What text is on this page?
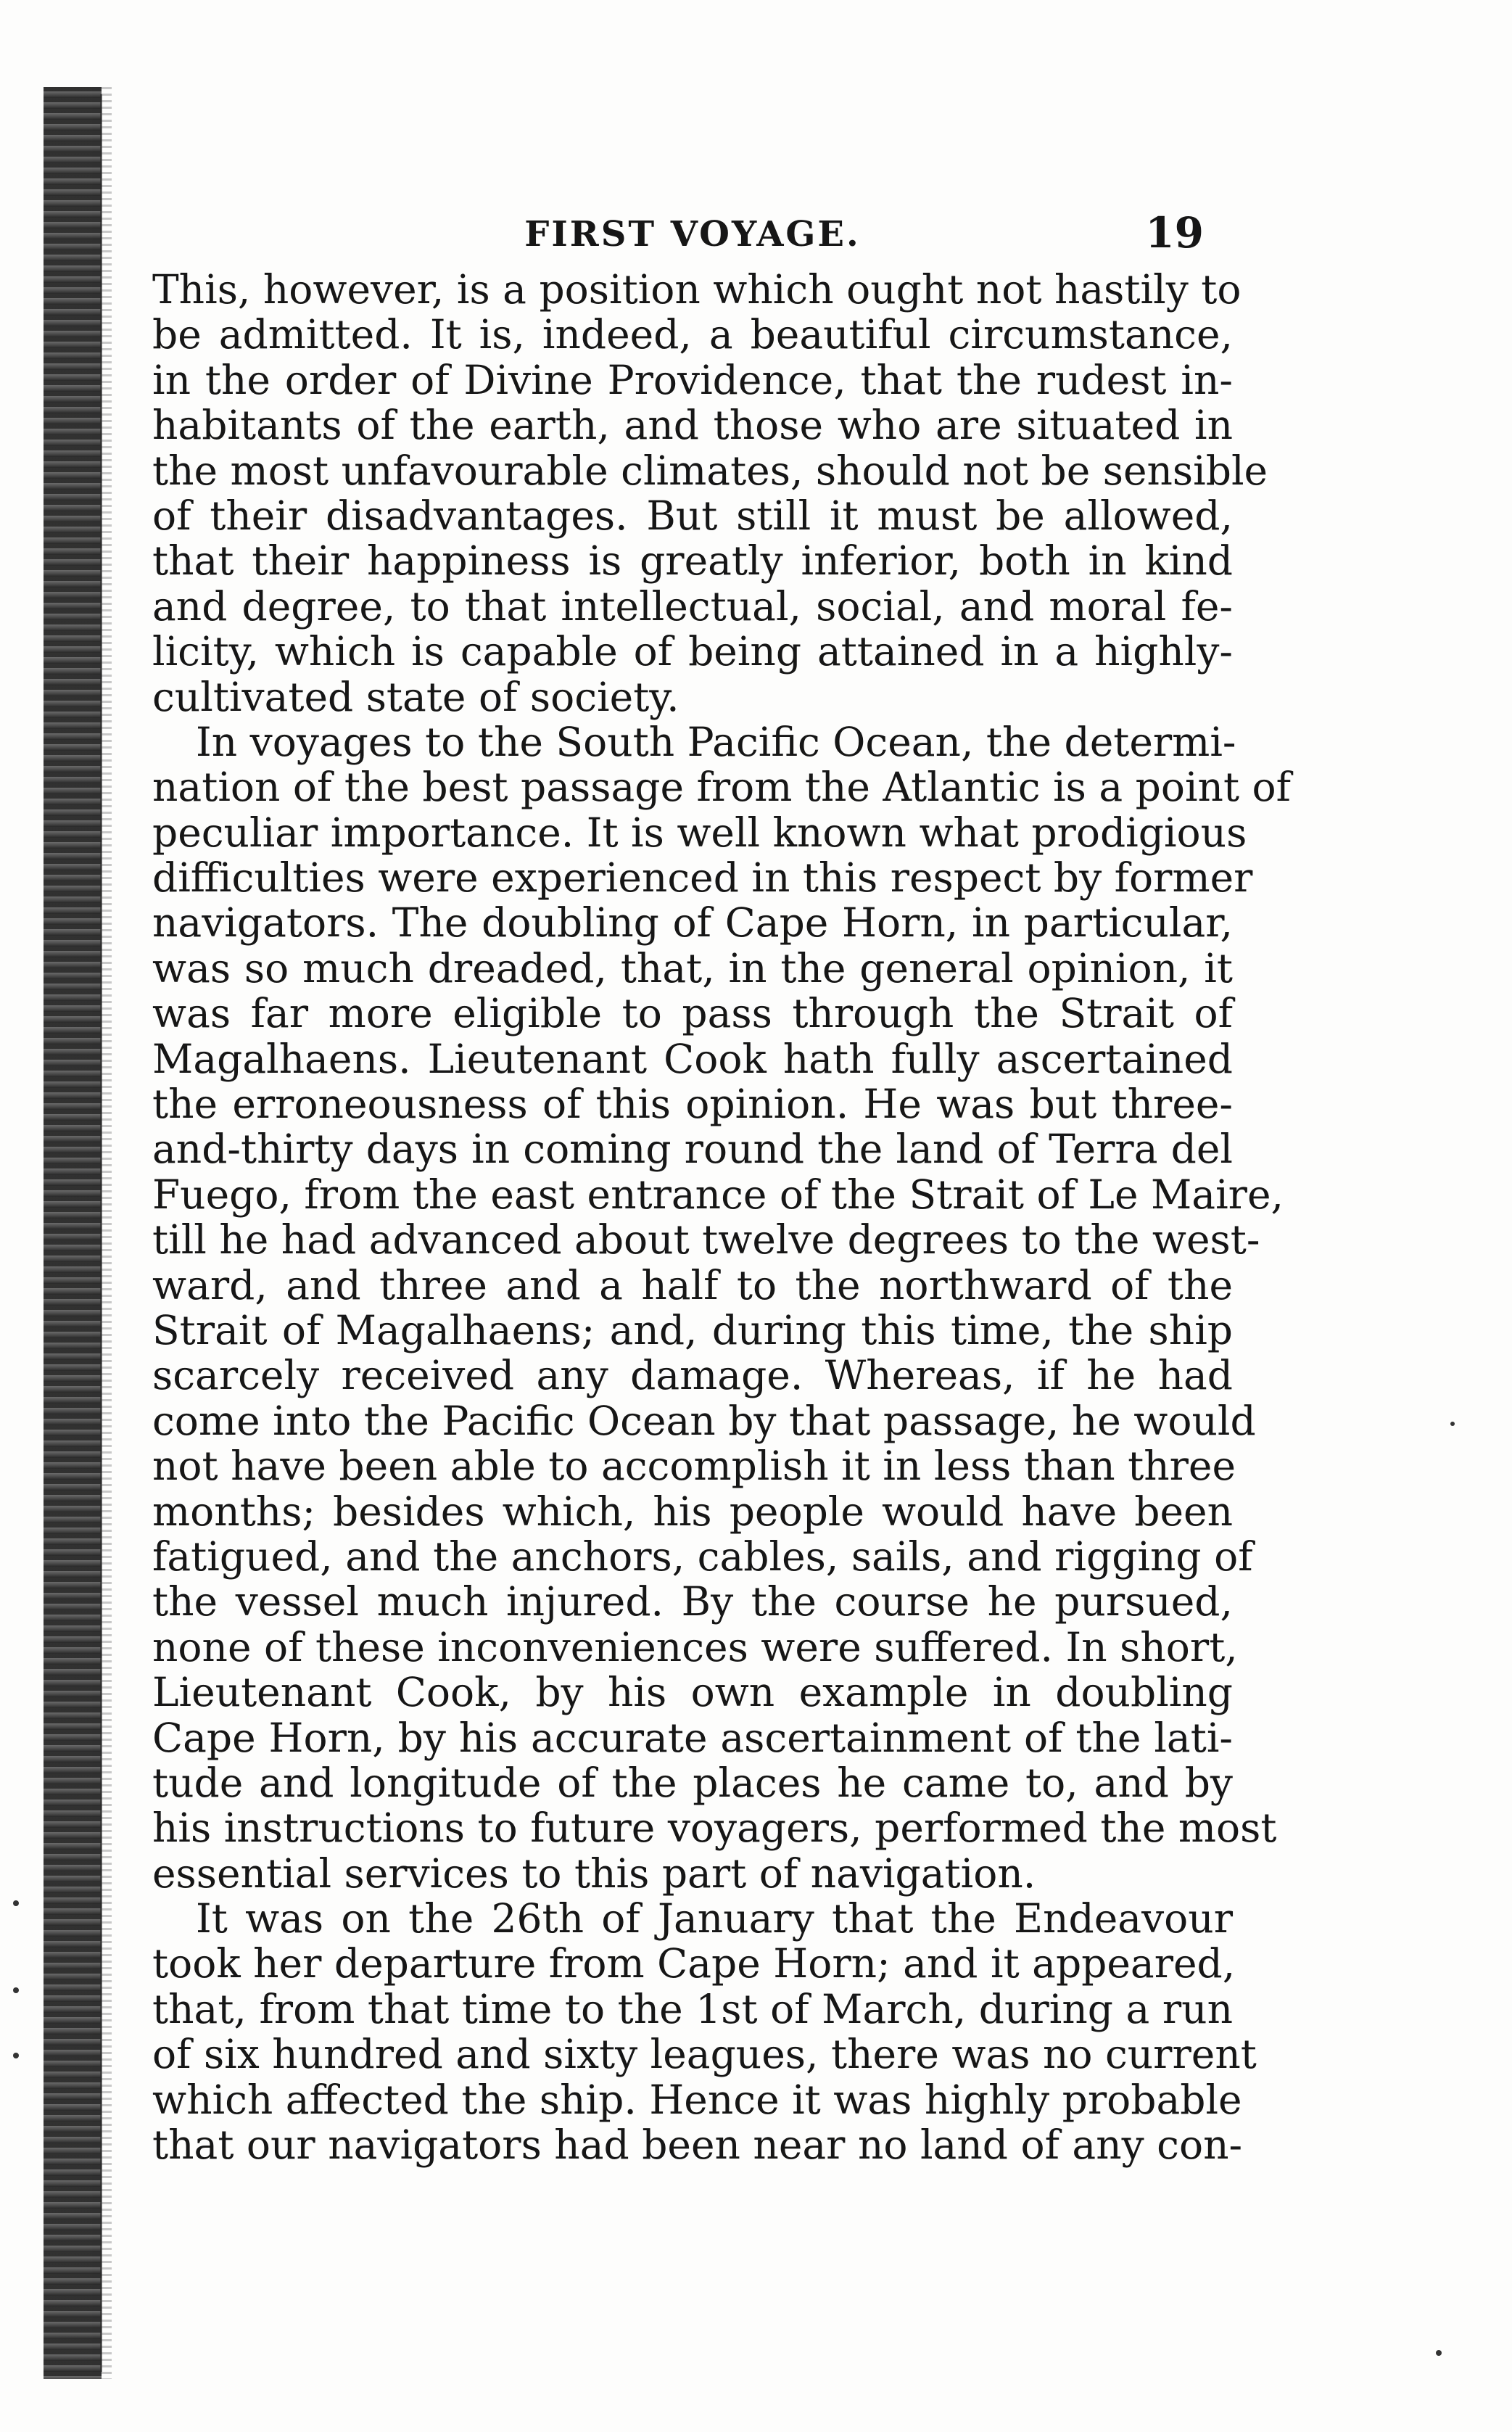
FIRST VOYAGE.	19
This, however, is a position which ought not hastily to
be admitted. It is, indeed, a beautiful circumstance,
in the order of Divine Providence, that the rudest in-
habitants of the earth, and those who are situated in
the most unfavourable climates, should not be sensible
of their disadvantages. But still it must be allowed,
that their happiness is greatly inferior, both in kind
and degree, to that intellectual, social, and moral fe-
licity, which is capable of being attained in a highly-
cultivated state of society.
In voyages to the South Pacific Ocean, the determi-
nation of the best passage from the Atlantic is a point of
peculiar importance. It is well known what prodigious
difficulties were experienced in this respect by former
navigators. The doubling of Cape Horn, in particular,
was so much dreaded, that, in the general opinion, it
was far more eligible to pass through the Strait of
Magalhaens. Lieutenant Cook hath fully ascertained
the erroneousness of this opinion. He was but three-
and-thirty days in coming round the land of Terra del
Fuego, from the east entrance of the Strait of Le Maire,
till he had advanced about twelve degrees to the west-
ward, and three and a half to the northward of the
Strait of Magalhaens; and, during this time, the ship
scarcely received any damage. Whereas, if he had
come into the Pacific Ocean by that passage, he would
not have been able to accomplish it in less than three
months; besides which, his people would have been
fatigued, and the anchors, cables, sails, and rigging of
the vessel much injured. By the course he pursued,
none of these inconveniences were suffered. In short,
Lieutenant Cook, by his own example in doubling
Cape Horn, by his accurate ascertainment of the lati-
tude and longitude of the places he came to, and by
his instructions to future voyagers, performed the most
essential services to this part of navigation.
It was on the 26th of January that the Endeavour
took her departure from Cape Horn; and it appeared,
that, from that time to the 1st of March, during a run
of six hundred and sixty leagues, there was no current
which affected the ship. Hence it was highly probable
that our navigators had been near no land of any con-
